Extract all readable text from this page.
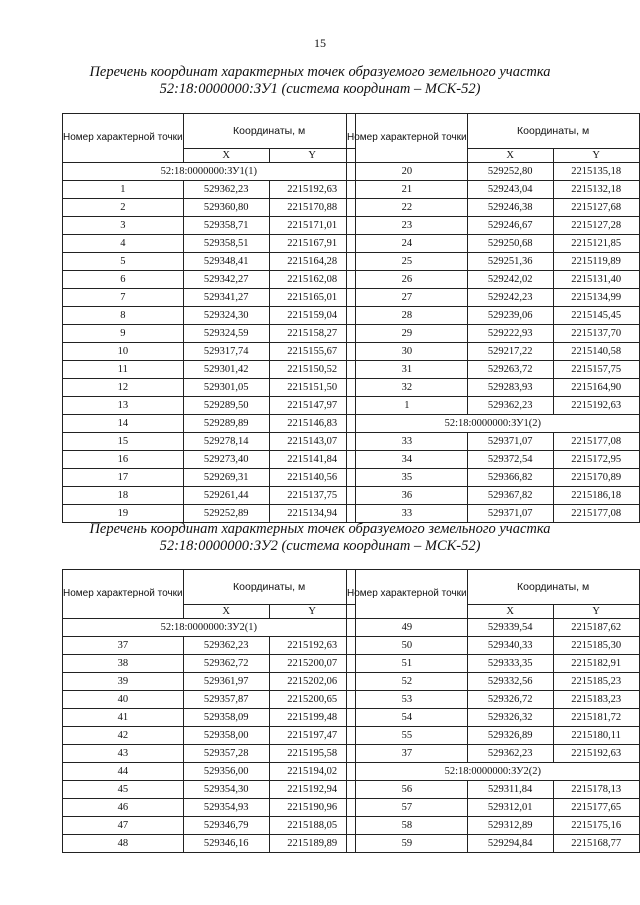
15
Перечень координат характерных точек образуемого земельного участка
52:18:0000000:ЗУ1 (система координат – МСК-52)
Номер характерной точки	Координаты, м	
	X	Y
52:18:0000000:ЗУ1(1)		
1	529362,23	2215192,63
2	529360,80	2215170,88
3	529358,71	2215171,01
4	529358,51	2215167,91
5	529348,41	2215164,28
6	529342,27	2215162,08
7	529341,27	2215165,01
8	529324,30	2215159,04
9	529324,59	2215158,27
10	529317,74	2215155,67
11	529301,42	2215150,52
12	529301,05	2215151,50
13	529289,50	2215147,97
14	529289,89	2215146,83
15	529278,14	2215143,07
16	529273,40	2215141,84
17	529269,31	2215140,56
18	529261,44	2215137,75
19	529252,89	2215134,94
Номер характерной точки	Координаты, м	
	X	Y
20	529252,80	2215135,18
21	529243,04	2215132,18
22	529246,38	2215127,68
23	529246,67	2215127,28
24	529250,68	2215121,85
25	529251,36	2215119,89
26	529242,02	2215131,40
27	529242,23	2215134,99
28	529239,06	2215145,45
29	529222,93	2215137,70
30	529217,22	2215140,58
31	529263,72	2215157,75
32	529283,93	2215164,90
1	529362,23	2215192,63
52:18:0000000:ЗУ1(2)		
33	529371,07	2215177,08
34	529372,54	2215172,95
35	529366,82	2215170,89
36	529367,82	2215186,18
33	529371,07	2215177,08
Перечень координат характерных точек образуемого земельного участка
52:18:0000000:ЗУ2 (система координат – МСК-52)
Номер характерной точки	Координаты, м	
	X	Y
52:18:0000000:ЗУ2(1)		
37	529362,23	2215192,63
38	529362,72	2215200,07
39	529361,97	2215202,06
40	529357,87	2215200,65
41	529358,09	2215199,48
42	529358,00	2215197,47
43	529357,28	2215195,58
44	529356,00	2215194,02
45	529354,30	2215192,94
46	529354,93	2215190,96
47	529346,79	2215188,05
48	529346,16	2215189,89
Номер характерной точки	Координаты, м	
	X	Y
49	529339,54	2215187,62
50	529340,33	2215185,30
51	529333,35	2215182,91
52	529332,56	2215185,23
53	529326,72	2215183,23
54	529326,32	2215181,72
55	529326,89	2215180,11
37	529362,23	2215192,63
52:18:0000000:ЗУ2(2)		
56	529311,84	2215178,13
57	529312,01	2215177,65
58	529312,89	2215175,16
59	529294,84	2215168,77
